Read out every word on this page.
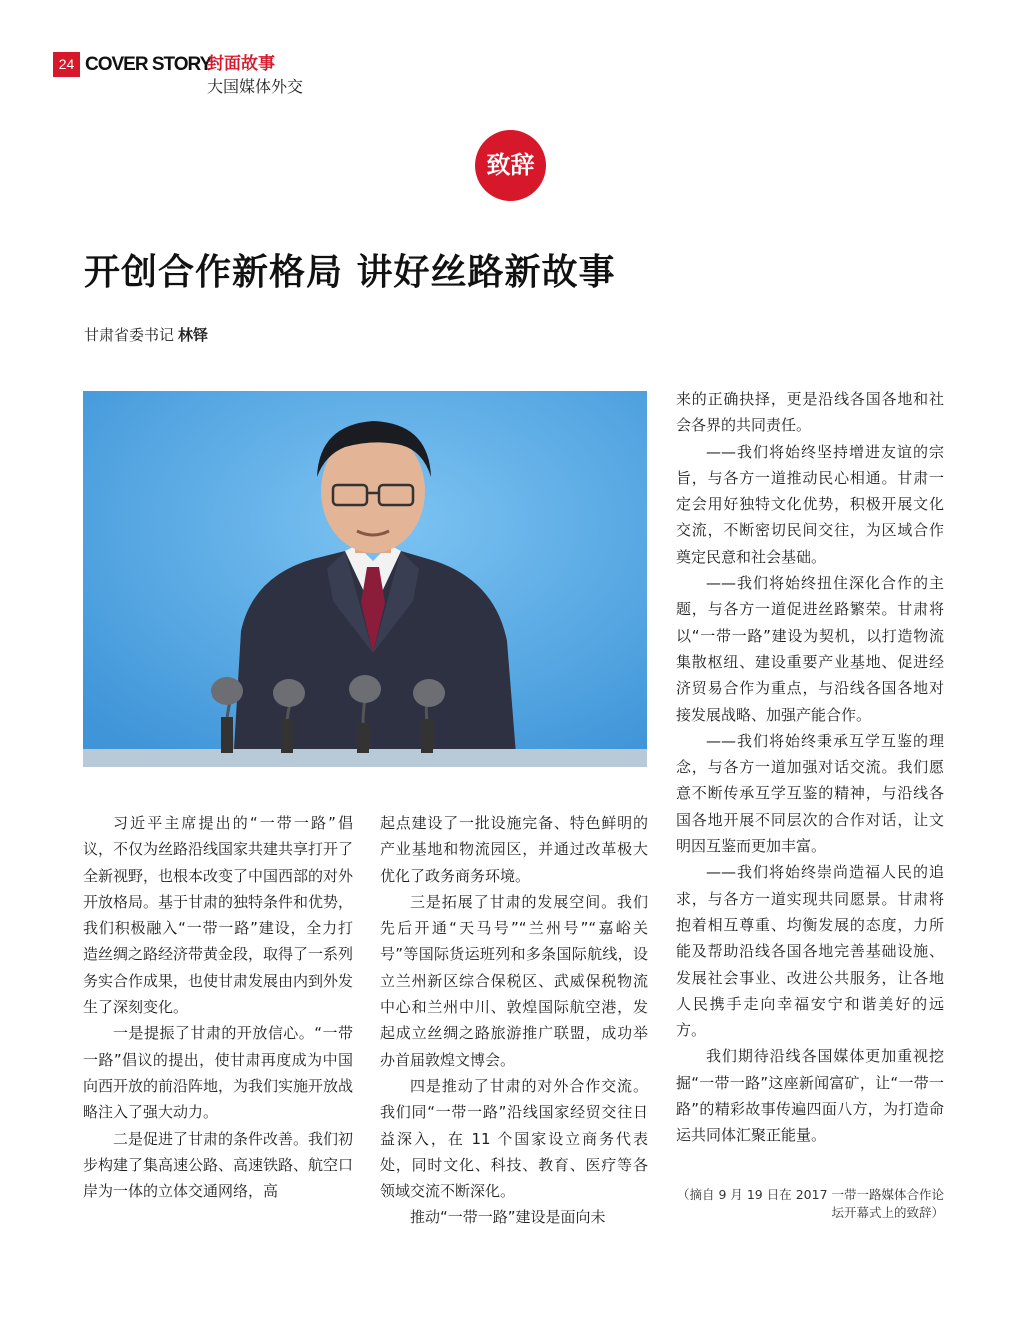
24 COVER STORY
封面故事
大国媒体外交
致辞
开创合作新格局 讲好丝路新故事
甘肃省委书记 林铎

习近平主席提出的“一带一路”倡议，不仅为丝路沿线国家共建共享打开了全新视野，也根本改变了中国西部的对外开放格局。基于甘肃的独特条件和优势，我们积极融入“一带一路”建设，全力打造丝绸之路经济带黄金段，取得了一系列务实合作成果，也使甘肃发展由内到外发生了深刻变化。

一是提振了甘肃的开放信心。“一带一路”倡议的提出，使甘肃再度成为中国向西开放的前沿阵地，为我们实施开放战略注入了强大动力。

二是促进了甘肃的条件改善。我们初步构建了集高速公路、高速铁路、航空口岸为一体的立体交通网络，高

起点建设了一批设施完备、特色鲜明的产业基地和物流园区，并通过改革极大优化了政务商务环境。

三是拓展了甘肃的发展空间。我们先后开通“天马号”“兰州号”“嘉峪关号”等国际货运班列和多条国际航线，设立兰州新区综合保税区、武威保税物流中心和兰州中川、敦煌国际航空港，发起成立丝绸之路旅游推广联盟，成功举办首届敦煌文博会。

四是推动了甘肃的对外合作交流。我们同“一带一路”沿线国家经贸交往日益深入，在 11 个国家设立商务代表处，同时文化、科技、教育、医疗等各领域交流不断深化。

推动“一带一路”建设是面向未

来的正确抉择，更是沿线各国各地和社会各界的共同责任。

——我们将始终坚持增进友谊的宗旨，与各方一道推动民心相通。甘肃一定会用好独特文化优势，积极开展文化交流，不断密切民间交往，为区域合作奠定民意和社会基础。

——我们将始终扭住深化合作的主题，与各方一道促进丝路繁荣。甘肃将以“一带一路”建设为契机，以打造物流集散枢纽、建设重要产业基地、促进经济贸易合作为重点，与沿线各国各地对接发展战略、加强产能合作。

——我们将始终秉承互学互鉴的理念，与各方一道加强对话交流。我们愿意不断传承互学互鉴的精神，与沿线各国各地开展不同层次的合作对话，让文明因互鉴而更加丰富。

——我们将始终崇尚造福人民的追求，与各方一道实现共同愿景。甘肃将抱着相互尊重、均衡发展的态度，力所能及帮助沿线各国各地完善基础设施、发展社会事业、改进公共服务，让各地人民携手走向幸福安宁和谐美好的远方。

我们期待沿线各国媒体更加重视挖掘“一带一路”这座新闻富矿，让“一带一路”的精彩故事传遍四面八方，为打造命运共同体汇聚正能量。

（摘自 9 月 19 日在 2017 一带一路媒体合作论坛开幕式上的致辞）
